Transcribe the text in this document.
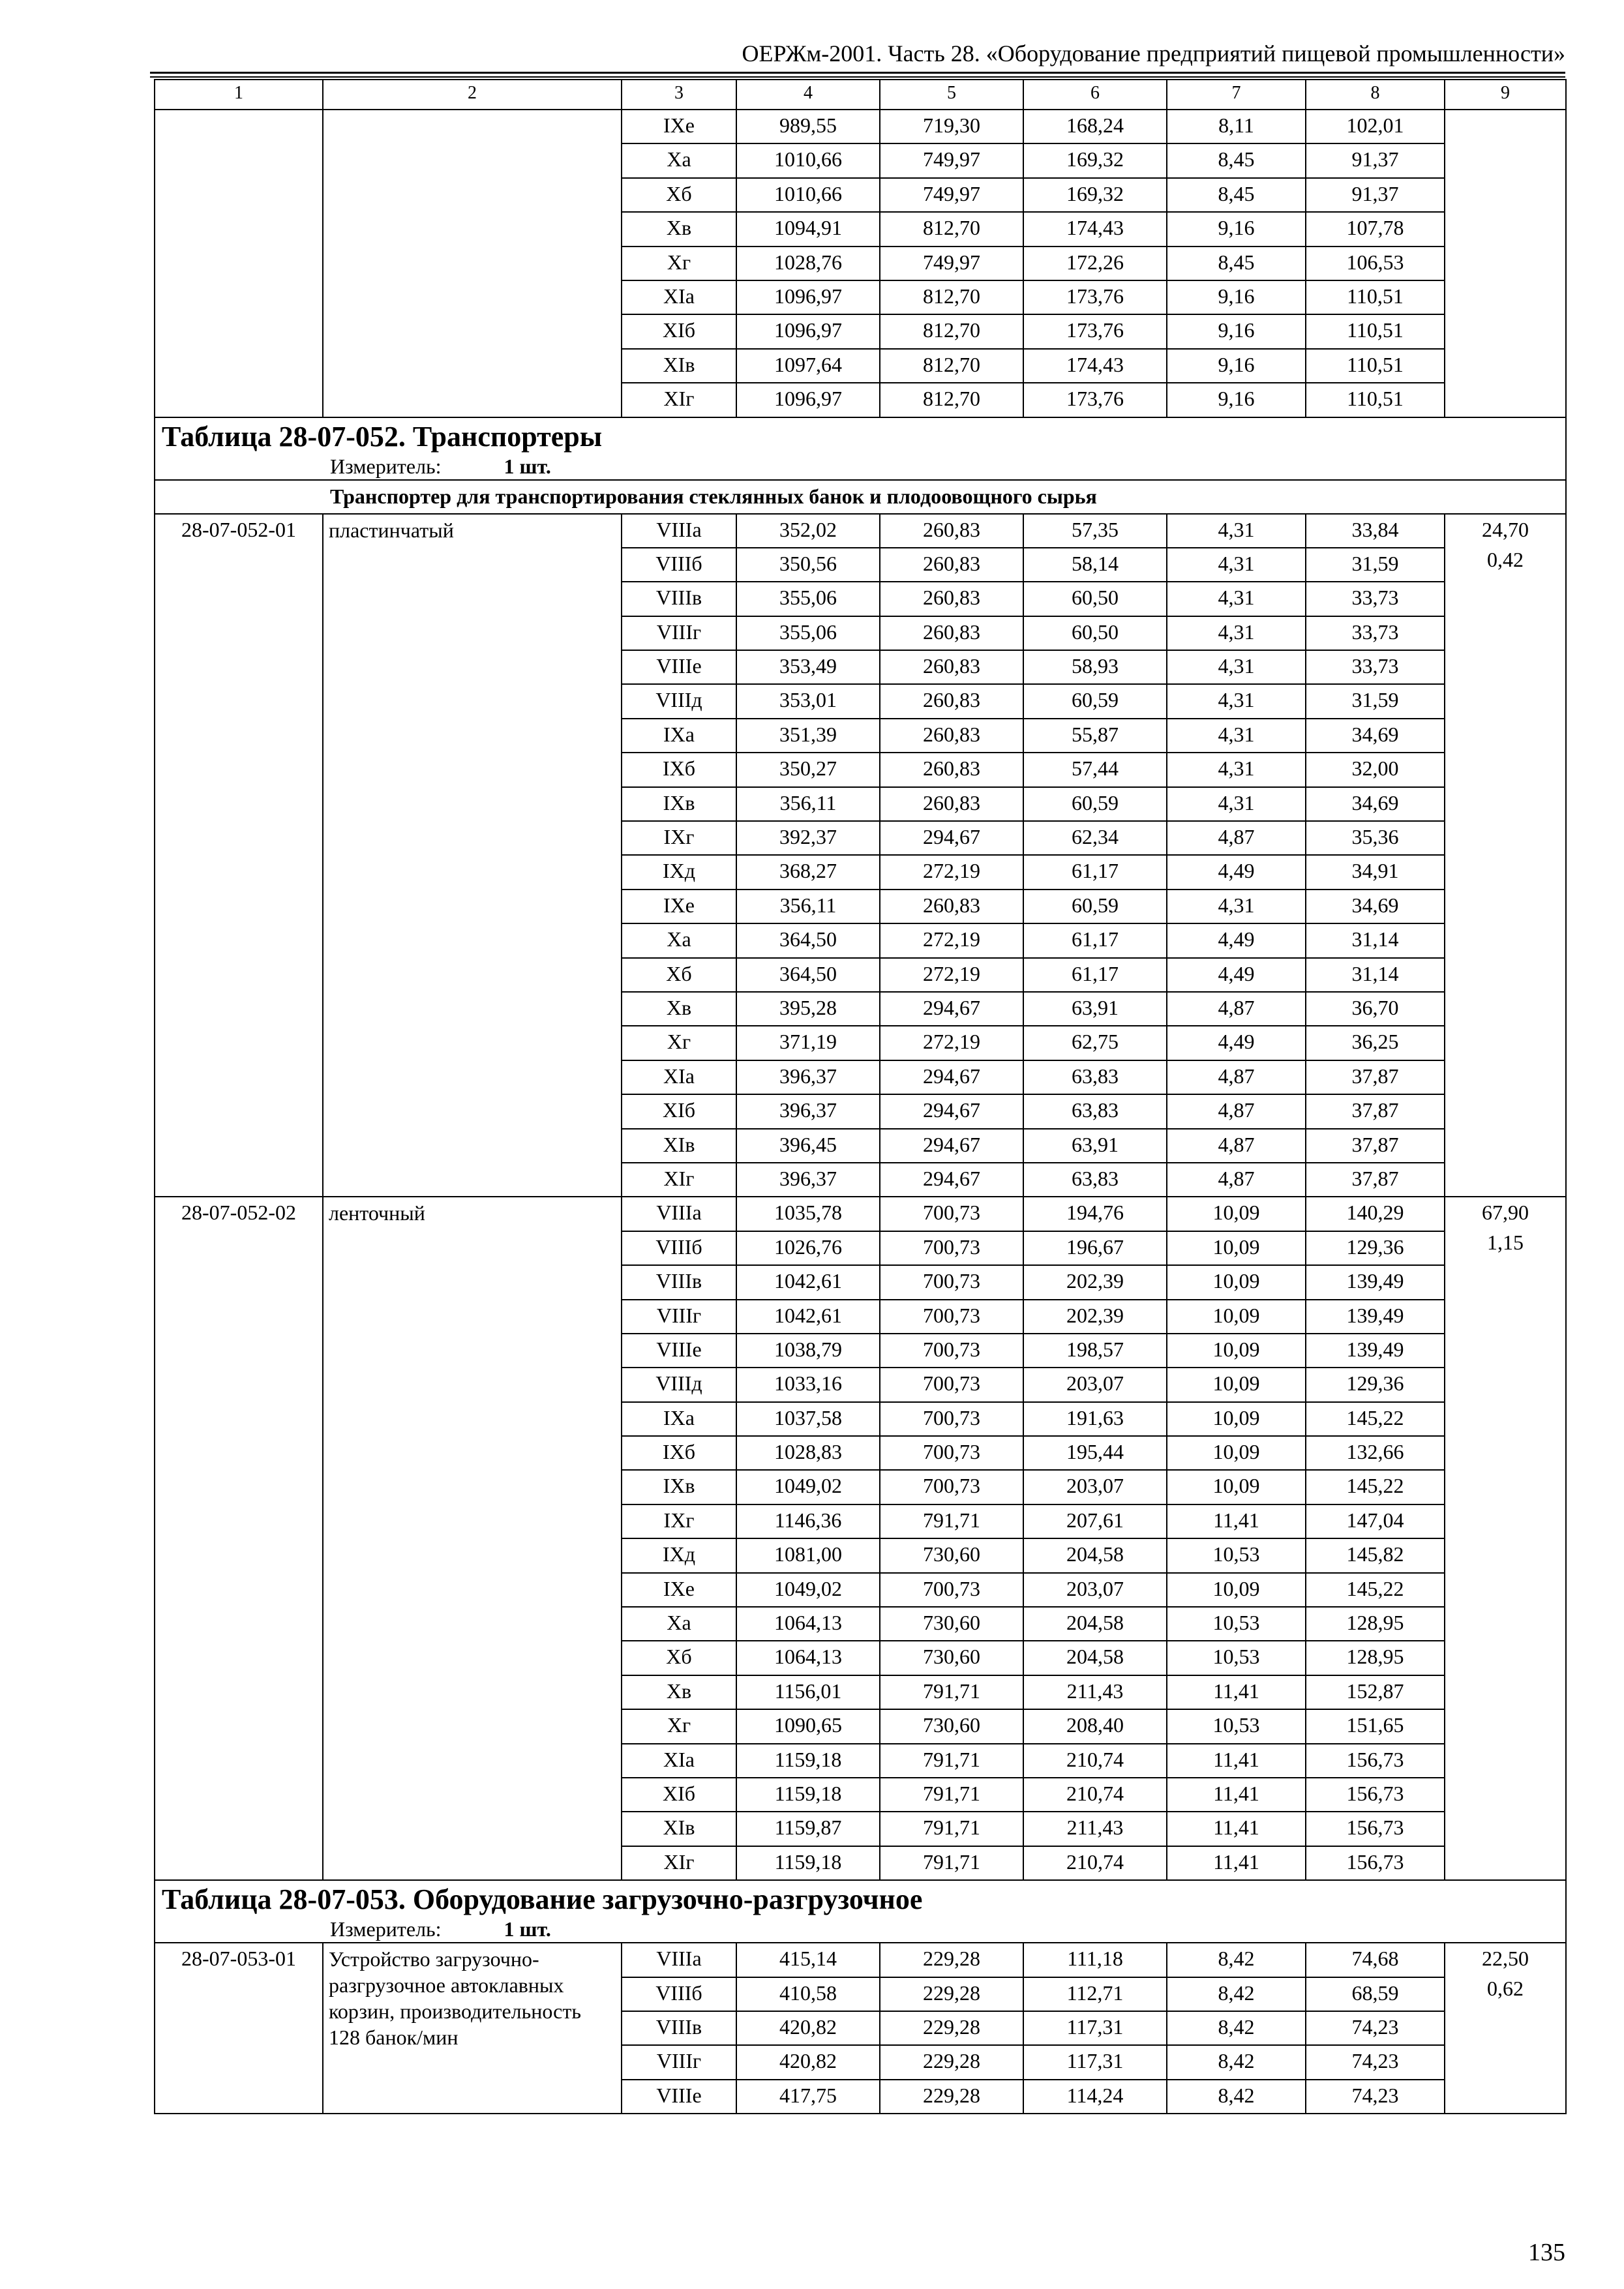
ОЕРЖм-2001. Часть 28. «Оборудование предприятий пищевой промышленности»
1	2	3	4	5	6	7	8	9
		IXе	989,55	719,30	168,24	8,11	102,01	
		Xа	1010,66	749,97	169,32	8,45	91,37	
		Xб	1010,66	749,97	169,32	8,45	91,37	
		Xв	1094,91	812,70	174,43	9,16	107,78	
		Xг	1028,76	749,97	172,26	8,45	106,53	
		XIа	1096,97	812,70	173,76	9,16	110,51	
		XIб	1096,97	812,70	173,76	9,16	110,51	
		XIв	1097,64	812,70	174,43	9,16	110,51	
		XIг	1096,97	812,70	173,76	9,16	110,51	
Таблица 28-07-052. Транспортеры								
Измеритель: 1 шт.								
Транспортер для транспортирования стеклянных банок и плодоовощного сырья								
28-07-052-01	пластинчатый	VIIIа	352,02	260,83	57,35	4,31	33,84	24,70
0,42

		VIIIб	350,56	260,83	58,14	4,31	31,59	
		VIIIв	355,06	260,83	60,50	4,31	33,73	
		VIIIг	355,06	260,83	60,50	4,31	33,73	
		VIIIе	353,49	260,83	58,93	4,31	33,73	
		VIIIд	353,01	260,83	60,59	4,31	31,59	
		IXа	351,39	260,83	55,87	4,31	34,69	
		IXб	350,27	260,83	57,44	4,31	32,00	
		IXв	356,11	260,83	60,59	4,31	34,69	
		IXг	392,37	294,67	62,34	4,87	35,36	
		IXд	368,27	272,19	61,17	4,49	34,91	
		IXе	356,11	260,83	60,59	4,31	34,69	
		Xа	364,50	272,19	61,17	4,49	31,14	
		Xб	364,50	272,19	61,17	4,49	31,14	
		Xв	395,28	294,67	63,91	4,87	36,70	
		Xг	371,19	272,19	62,75	4,49	36,25	
		XIа	396,37	294,67	63,83	4,87	37,87	
		XIб	396,37	294,67	63,83	4,87	37,87	
		XIв	396,45	294,67	63,91	4,87	37,87	
		XIг	396,37	294,67	63,83	4,87	37,87	
28-07-052-02	ленточный	VIIIа	1035,78	700,73	194,76	10,09	140,29	67,90
1,15

		VIIIб	1026,76	700,73	196,67	10,09	129,36	
		VIIIв	1042,61	700,73	202,39	10,09	139,49	
		VIIIг	1042,61	700,73	202,39	10,09	139,49	
		VIIIе	1038,79	700,73	198,57	10,09	139,49	
		VIIIд	1033,16	700,73	203,07	10,09	129,36	
		IXа	1037,58	700,73	191,63	10,09	145,22	
		IXб	1028,83	700,73	195,44	10,09	132,66	
		IXв	1049,02	700,73	203,07	10,09	145,22	
		IXг	1146,36	791,71	207,61	11,41	147,04	
		IXд	1081,00	730,60	204,58	10,53	145,82	
		IXе	1049,02	700,73	203,07	10,09	145,22	
		Xа	1064,13	730,60	204,58	10,53	128,95	
		Xб	1064,13	730,60	204,58	10,53	128,95	
		Xв	1156,01	791,71	211,43	11,41	152,87	
		Xг	1090,65	730,60	208,40	10,53	151,65	
		XIа	1159,18	791,71	210,74	11,41	156,73	
		XIб	1159,18	791,71	210,74	11,41	156,73	
		XIв	1159,87	791,71	211,43	11,41	156,73	
		XIг	1159,18	791,71	210,74	11,41	156,73	
Таблица 28-07-053. Оборудование загрузочно-разгрузочное								
Измеритель: 1 шт.								
28-07-053-01	Устройство загрузочно-разгрузочное автоклавных корзин, производительность 128 банок/мин	VIIIа	415,14	229,28	111,18	8,42	74,68	22,50
0,62

		VIIIб	410,58	229,28	112,71	8,42	68,59	
		VIIIв	420,82	229,28	117,31	8,42	74,23	
		VIIIг	420,82	229,28	117,31	8,42	74,23	
		VIIIе	417,75	229,28	114,24	8,42	74,23	
135
